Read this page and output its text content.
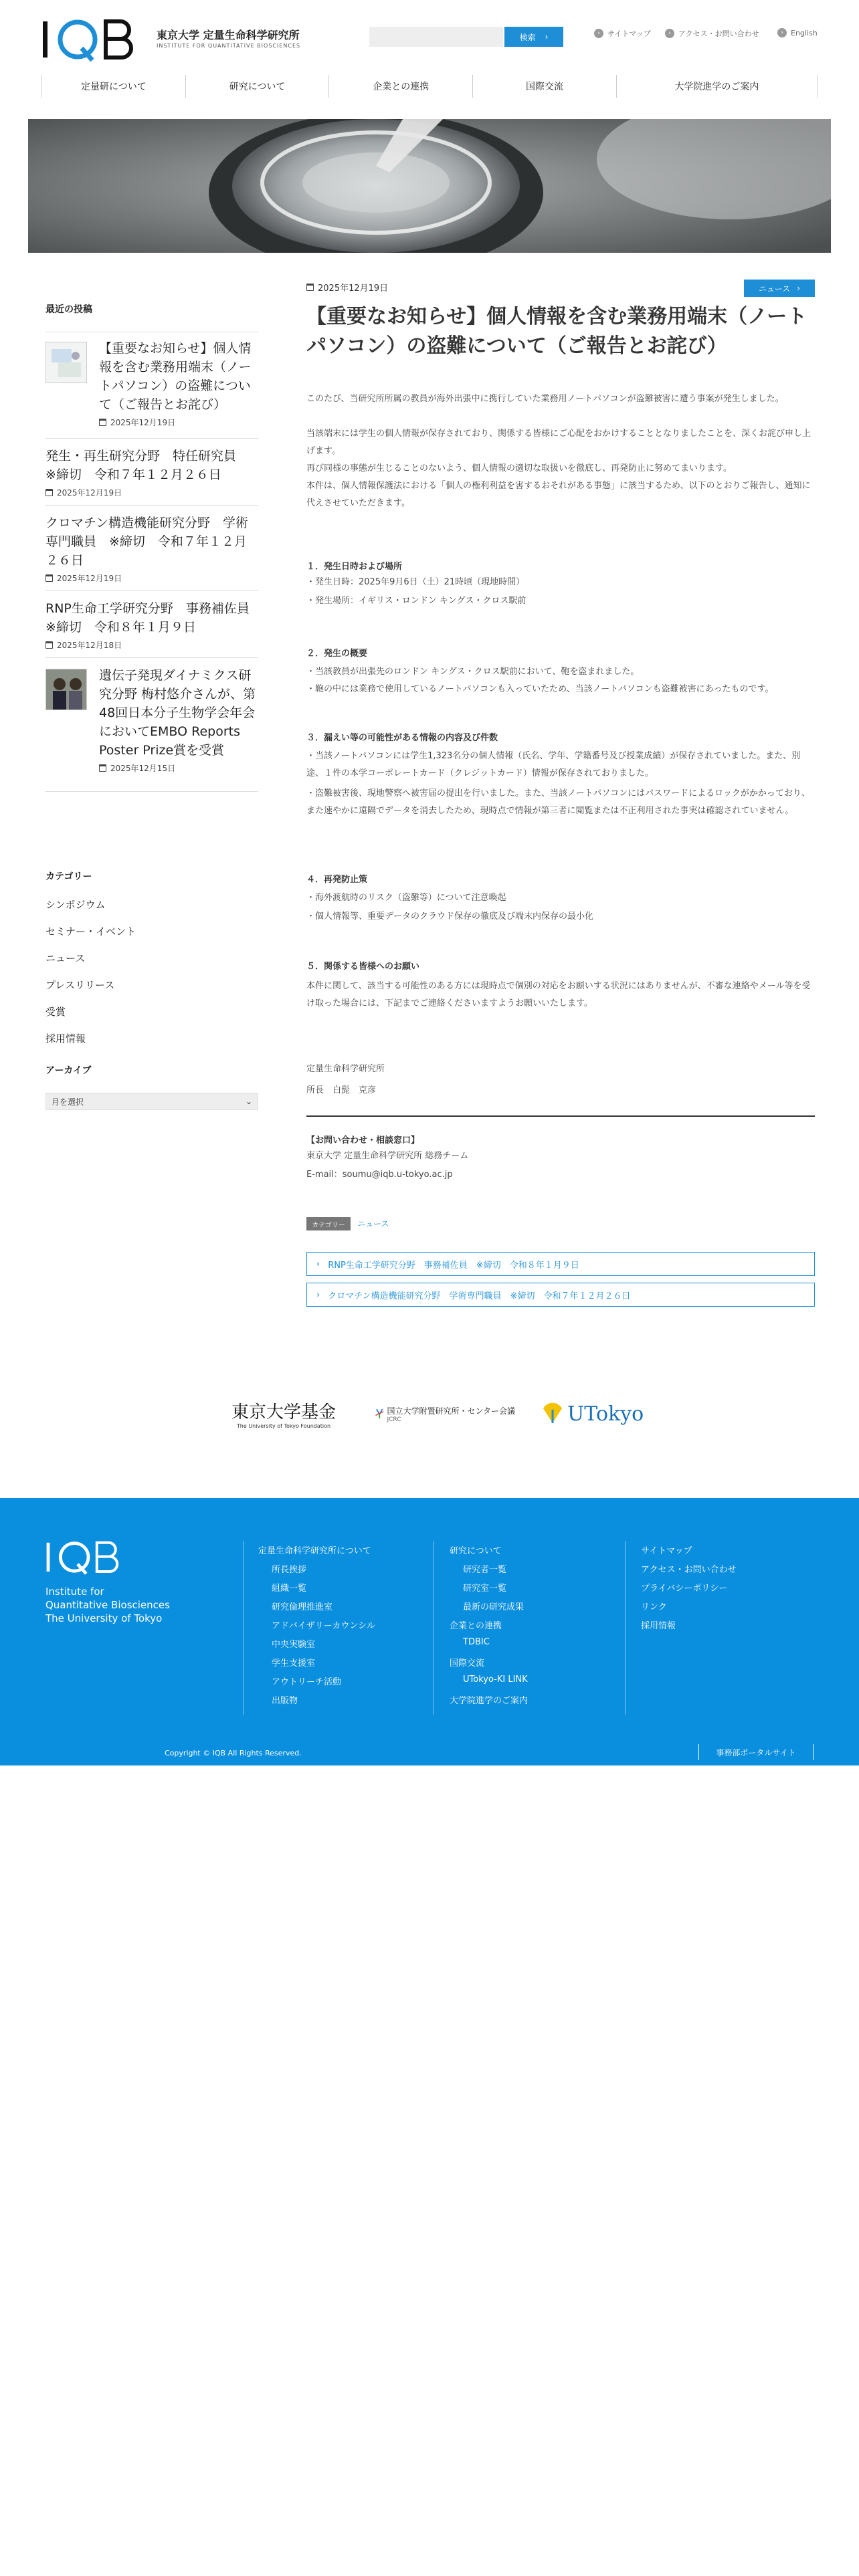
東京大学 定量生命科学研究所
INSTITUTE FOR QUANTITATIVE BIOSCIENCES
検索 ›	›	サイトマップ	›	アクセス・お問い合わせ	›	English
定量研について	研究について	企業との連携	国際交流	大学院進学のご案内
最近の投稿
【重要なお知らせ】個人情報を含む業務用端末（ノートパソコン）の盗難について（ご報告とお詫び）
2025年12月19日
発生・再生研究分野　特任研究員　※締切　令和７年１２月２６日
2025年12月19日
クロマチン構造機能研究分野　学術専門職員　※締切　令和７年１２月２６日
2025年12月19日
RNP生命工学研究分野　事務補佐員　※締切　令和８年１月９日
2025年12月18日
遺伝子発現ダイナミクス研究分野 梅村悠介さんが、第48回日本分子生物学会年会においてEMBO Reports Poster Prize賞を受賞
2025年12月15日
カテゴリー
シンポジウム
セミナー・イベント
ニュース
プレスリリース
受賞
採用情報
アーカイブ
月を選択	⌄
2025年12月19日	ニュース ›
【重要なお知らせ】個人情報を含む業務用端末（ノートパソコン）の盗難について（ご報告とお詫び）

このたび、当研究所所属の教員が海外出張中に携行していた業務用ノートパソコンが盗難被害に遭う事案が発生しました。

当該端末には学生の個人情報が保存されており、関係する皆様にご心配をおかけすることとなりましたことを、深くお詫び申し上げます。

再び同様の事態が生じることのないよう、個人情報の適切な取扱いを徹底し、再発防止に努めてまいります。

本件は、個人情報保護法における「個人の権利利益を害するおそれがある事態」に該当するため、以下のとおりご報告し、通知に代えさせていただきます。

１．発生日時および場所

・発生日時：2025年9月6日（土）21時頃（現地時間）

・発生場所：イギリス・ロンドン キングス・クロス駅前

２．発生の概要

・当該教員が出張先のロンドン キングス・クロス駅前において、鞄を盗まれました。

・鞄の中には業務で使用しているノートパソコンも入っていたため、当該ノートパソコンも盗難被害にあったものです。

３．漏えい等の可能性がある情報の内容及び件数

・当該ノートパソコンには学生1,323名分の個人情報（氏名、学年、学籍番号及び授業成績）が保存されていました。また、別途、１件の本学コーポレートカード（クレジットカード）情報が保存されておりました。

・盗難被害後、現地警察へ被害届の提出を行いました。また、当該ノートパソコンにはパスワードによるロックがかかっており、また速やかに遠隔でデータを消去したため、現時点で情報が第三者に閲覧または不正利用された事実は確認されていません。

４．再発防止策

・海外渡航時のリスク（盗難等）について注意喚起

・個人情報等、重要データのクラウド保存の徹底及び端末内保存の最小化

５．関係する皆様へのお願い

本件に関して、該当する可能性のある方には現時点で個別の対応をお願いする状況にはありませんが、不審な連絡やメール等を受け取った場合には、下記までご連絡くださいますようお願いいたします。

定量生命科学研究所

所長　白髭　克彦

【お問い合わせ・相談窓口】

東京大学 定量生命科学研究所 総務チーム

E-mail：soumu@iqb.u-tokyo.ac.jp

カテゴリー	ニュース
‹ RNP生命工学研究分野　事務補佐員　※締切　令和８年１月９日
› クロマチン構造機能研究分野　学術専門職員　※締切　令和７年１２月２６日
東京大学基金
The University of Tokyo Foundation
国立大学附置研究所・センター会議
JCRC	UTokyo
Institute for
Quantitative Biosciences
The University of Tokyo
定量生命科学研究所について
所長挨拶
組織一覧
研究倫理推進室
アドバイザリーカウンシル
中央実験室
学生支援室
アウトリーチ活動
出版物
研究について
研究者一覧
研究室一覧
最新の研究成果
企業との連携
TDBIC
国際交流
UTokyo-KI LINK
大学院進学のご案内
サイトマップ
アクセス・お問い合わせ
プライバシーポリシー
リンク
採用情報
Copyright © IQB All Rights Reserved.	事務部ポータルサイト
